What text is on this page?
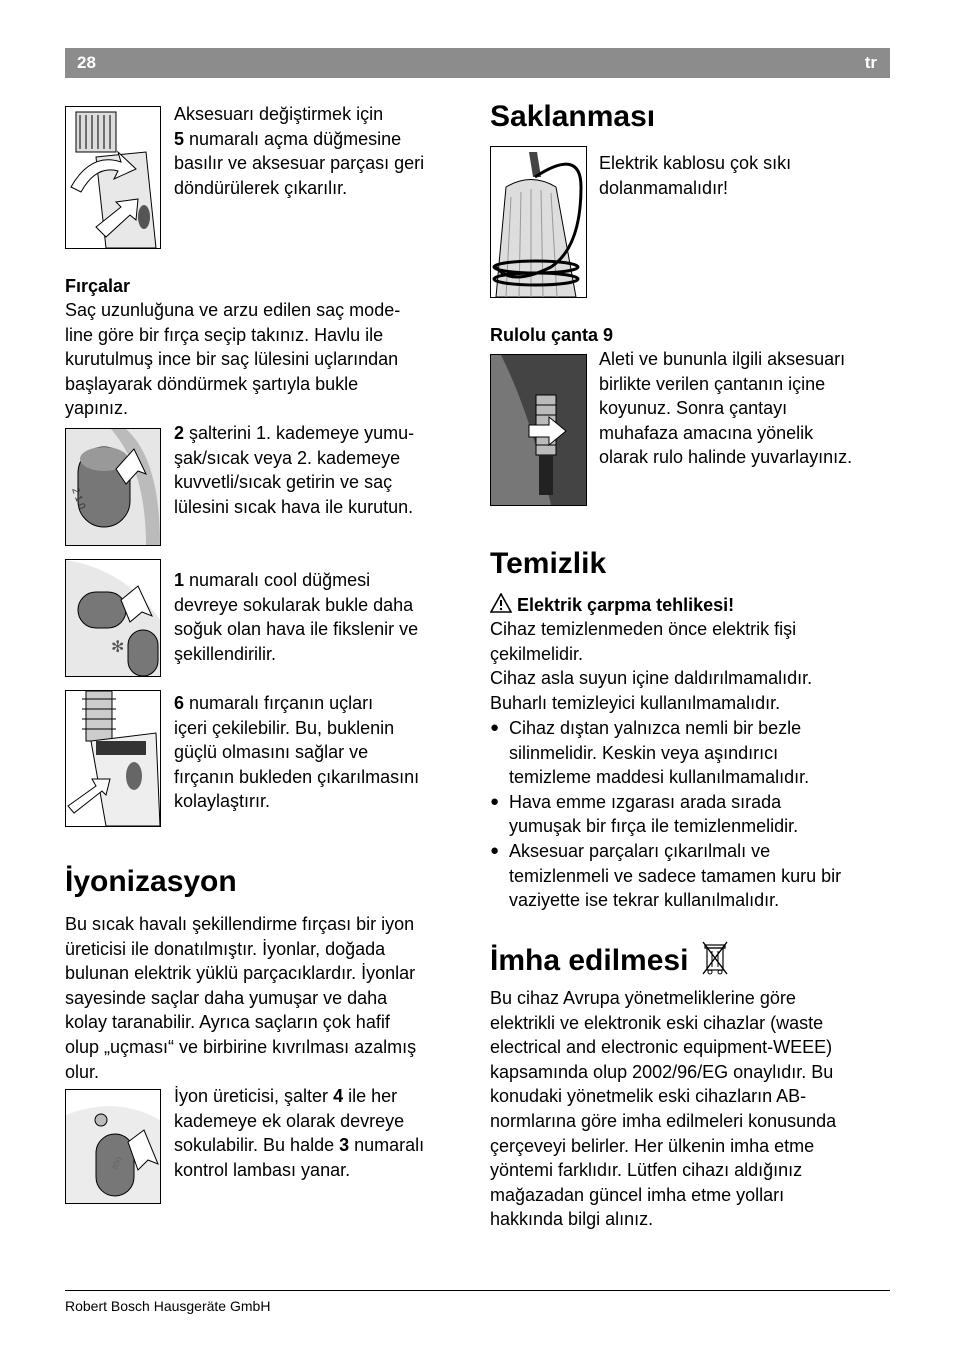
28	tr
Aksesuarı değiştirmek için
5 numaralı açma düğmesine
basılır ve aksesuar parçası geri
döndürülerek çıkarılır.
Fırçalar
Saç uzunluğuna ve arzu edilen saç mode-
line göre bir fırça seçip takınız. Havlu ile
kurutulmuş ince bir saç lülesini uçlarından
başlayarak döndürmek şartıyla bukle
yapınız.
2 1 0
2 şalterini 1. kademeye yumu-
şak/sıcak veya 2. kademeye
kuvvetli/sıcak getirin ve saç
lülesini sıcak hava ile kurutun.
✻
1 numaralı cool düğmesi
devreye sokularak bukle daha
soğuk olan hava ile fikslenir ve
şekillendirilir.
6 numaralı fırçanın uçları
içeri çekilebilir. Bu, buklenin
güçlü olmasını sağlar ve
fırçanın bukleden çıkarılmasını
kolaylaştırır.
İyonizasyon
Bu sıcak havalı şekillendirme fırçası bir iyon
üreticisi ile donatılmıştır. İyonlar, doğada
bulunan elektrik yüklü parçacıklardır. İyonlar
sayesinde saçlar daha yumuşar ve daha
kolay taranabilir. Ayrıca saçların çok hafif
olup „uçması“ ve birbirine kıvrılması azalmış
olur.
ion
İyon üreticisi, şalter 4 ile her
kademeye ek olarak devreye
sokulabilir. Bu halde 3 numaralı
kontrol lambası yanar.
Saklanması
Elektrik kablosu çok sıkı
dolanmamalıdır!
Rulolu çanta 9
Aleti ve bununla ilgili aksesuarı
birlikte verilen çantanın içine
koyunuz. Sonra çantayı
muhafaza amacına yönelik
olarak rulo halinde yuvarlayınız.
Temizlik
Elektrik çarpma tehlikesi!
Cihaz temizlenmeden önce elektrik fişi
çekilmelidir.
Cihaz asla suyun içine daldırılmamalıdır.
Buharlı temizleyici kullanılmamalıdır.
● Cihaz dıştan yalnızca nemli bir bezle
silinmelidir. Keskin veya aşındırıcı
temizleme maddesi kullanılmamalıdır.
● Hava emme ızgarası arada sırada
yumuşak bir fırça ile temizlenmelidir.
● Aksesuar parçaları çıkarılmalı ve
temizlenmeli ve sadece tamamen kuru bir
vaziyette ise tekrar kullanılmalıdır.
İmha edilmesi
Bu cihaz Avrupa yönetmeliklerine göre
elektrikli ve elektronik eski cihazlar (waste
electrical and electronic equipment-WEEE)
kapsamında olup 2002/96/EG onaylıdır. Bu
konudaki yönetmelik eski cihazların AB-
normlarına göre imha edilmeleri konusunda
çerçeveyi belirler. Her ülkenin imha etme
yöntemi farklıdır. Lütfen cihazı aldığınız
mağazadan güncel imha etme yolları
hakkında bilgi alınız.
Robert Bosch Hausgeräte GmbH
